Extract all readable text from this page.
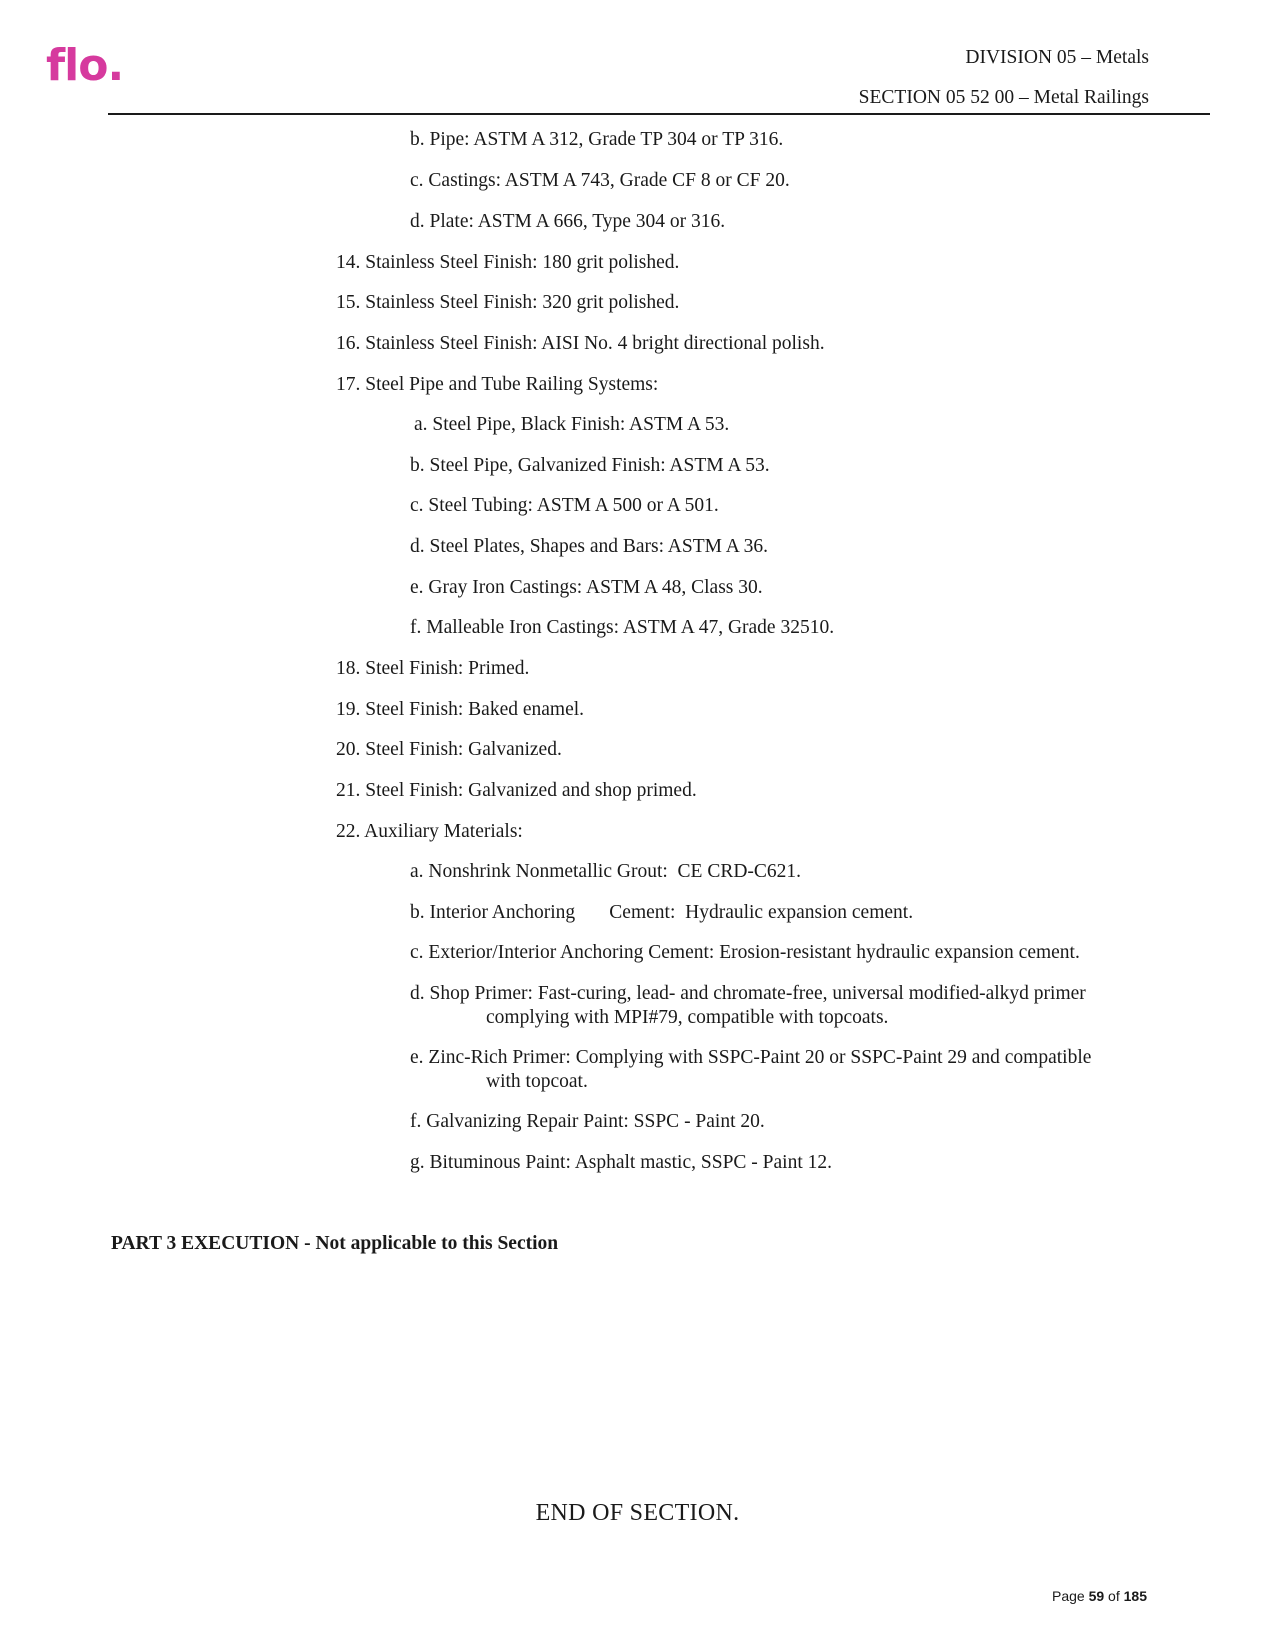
flo.	DIVISION 05 – Metals
SECTION 05 52 00 – Metal Railings
b. Pipe: ASTM A 312, Grade TP 304 or TP 316.
c. Castings: ASTM A 743, Grade CF 8 or CF 20.
d. Plate: ASTM A 666, Type 304 or 316.
14. Stainless Steel Finish: 180 grit polished.
15. Stainless Steel Finish: 320 grit polished.
16. Stainless Steel Finish: AISI No. 4 bright directional polish.
17. Steel Pipe and Tube Railing Systems:
a. Steel Pipe, Black Finish: ASTM A 53.
b. Steel Pipe, Galvanized Finish: ASTM A 53.
c. Steel Tubing: ASTM A 500 or A 501.
d. Steel Plates, Shapes and Bars: ASTM A 36.
e. Gray Iron Castings: ASTM A 48, Class 30.
f. Malleable Iron Castings: ASTM A 47, Grade 32510.
18. Steel Finish: Primed.
19. Steel Finish: Baked enamel.
20. Steel Finish: Galvanized.
21. Steel Finish: Galvanized and shop primed.
22. Auxiliary Materials:
a. Nonshrink Nonmetallic Grout:  CE CRD-C621.
b. Interior Anchoring       Cement:  Hydraulic expansion cement.
c. Exterior/Interior Anchoring Cement: Erosion-resistant hydraulic expansion cement.
d. Shop Primer: Fast-curing, lead- and chromate-free, universal modified-alkyd primer
complying with MPI#79, compatible with topcoats.
e. Zinc-Rich Primer: Complying with SSPC-Paint 20 or SSPC-Paint 29 and compatible
with topcoat.
f. Galvanizing Repair Paint: SSPC - Paint 20.
g. Bituminous Paint: Asphalt mastic, SSPC - Paint 12.
PART 3 EXECUTION - Not applicable to this Section
END OF SECTION.
Page 59 of 185
